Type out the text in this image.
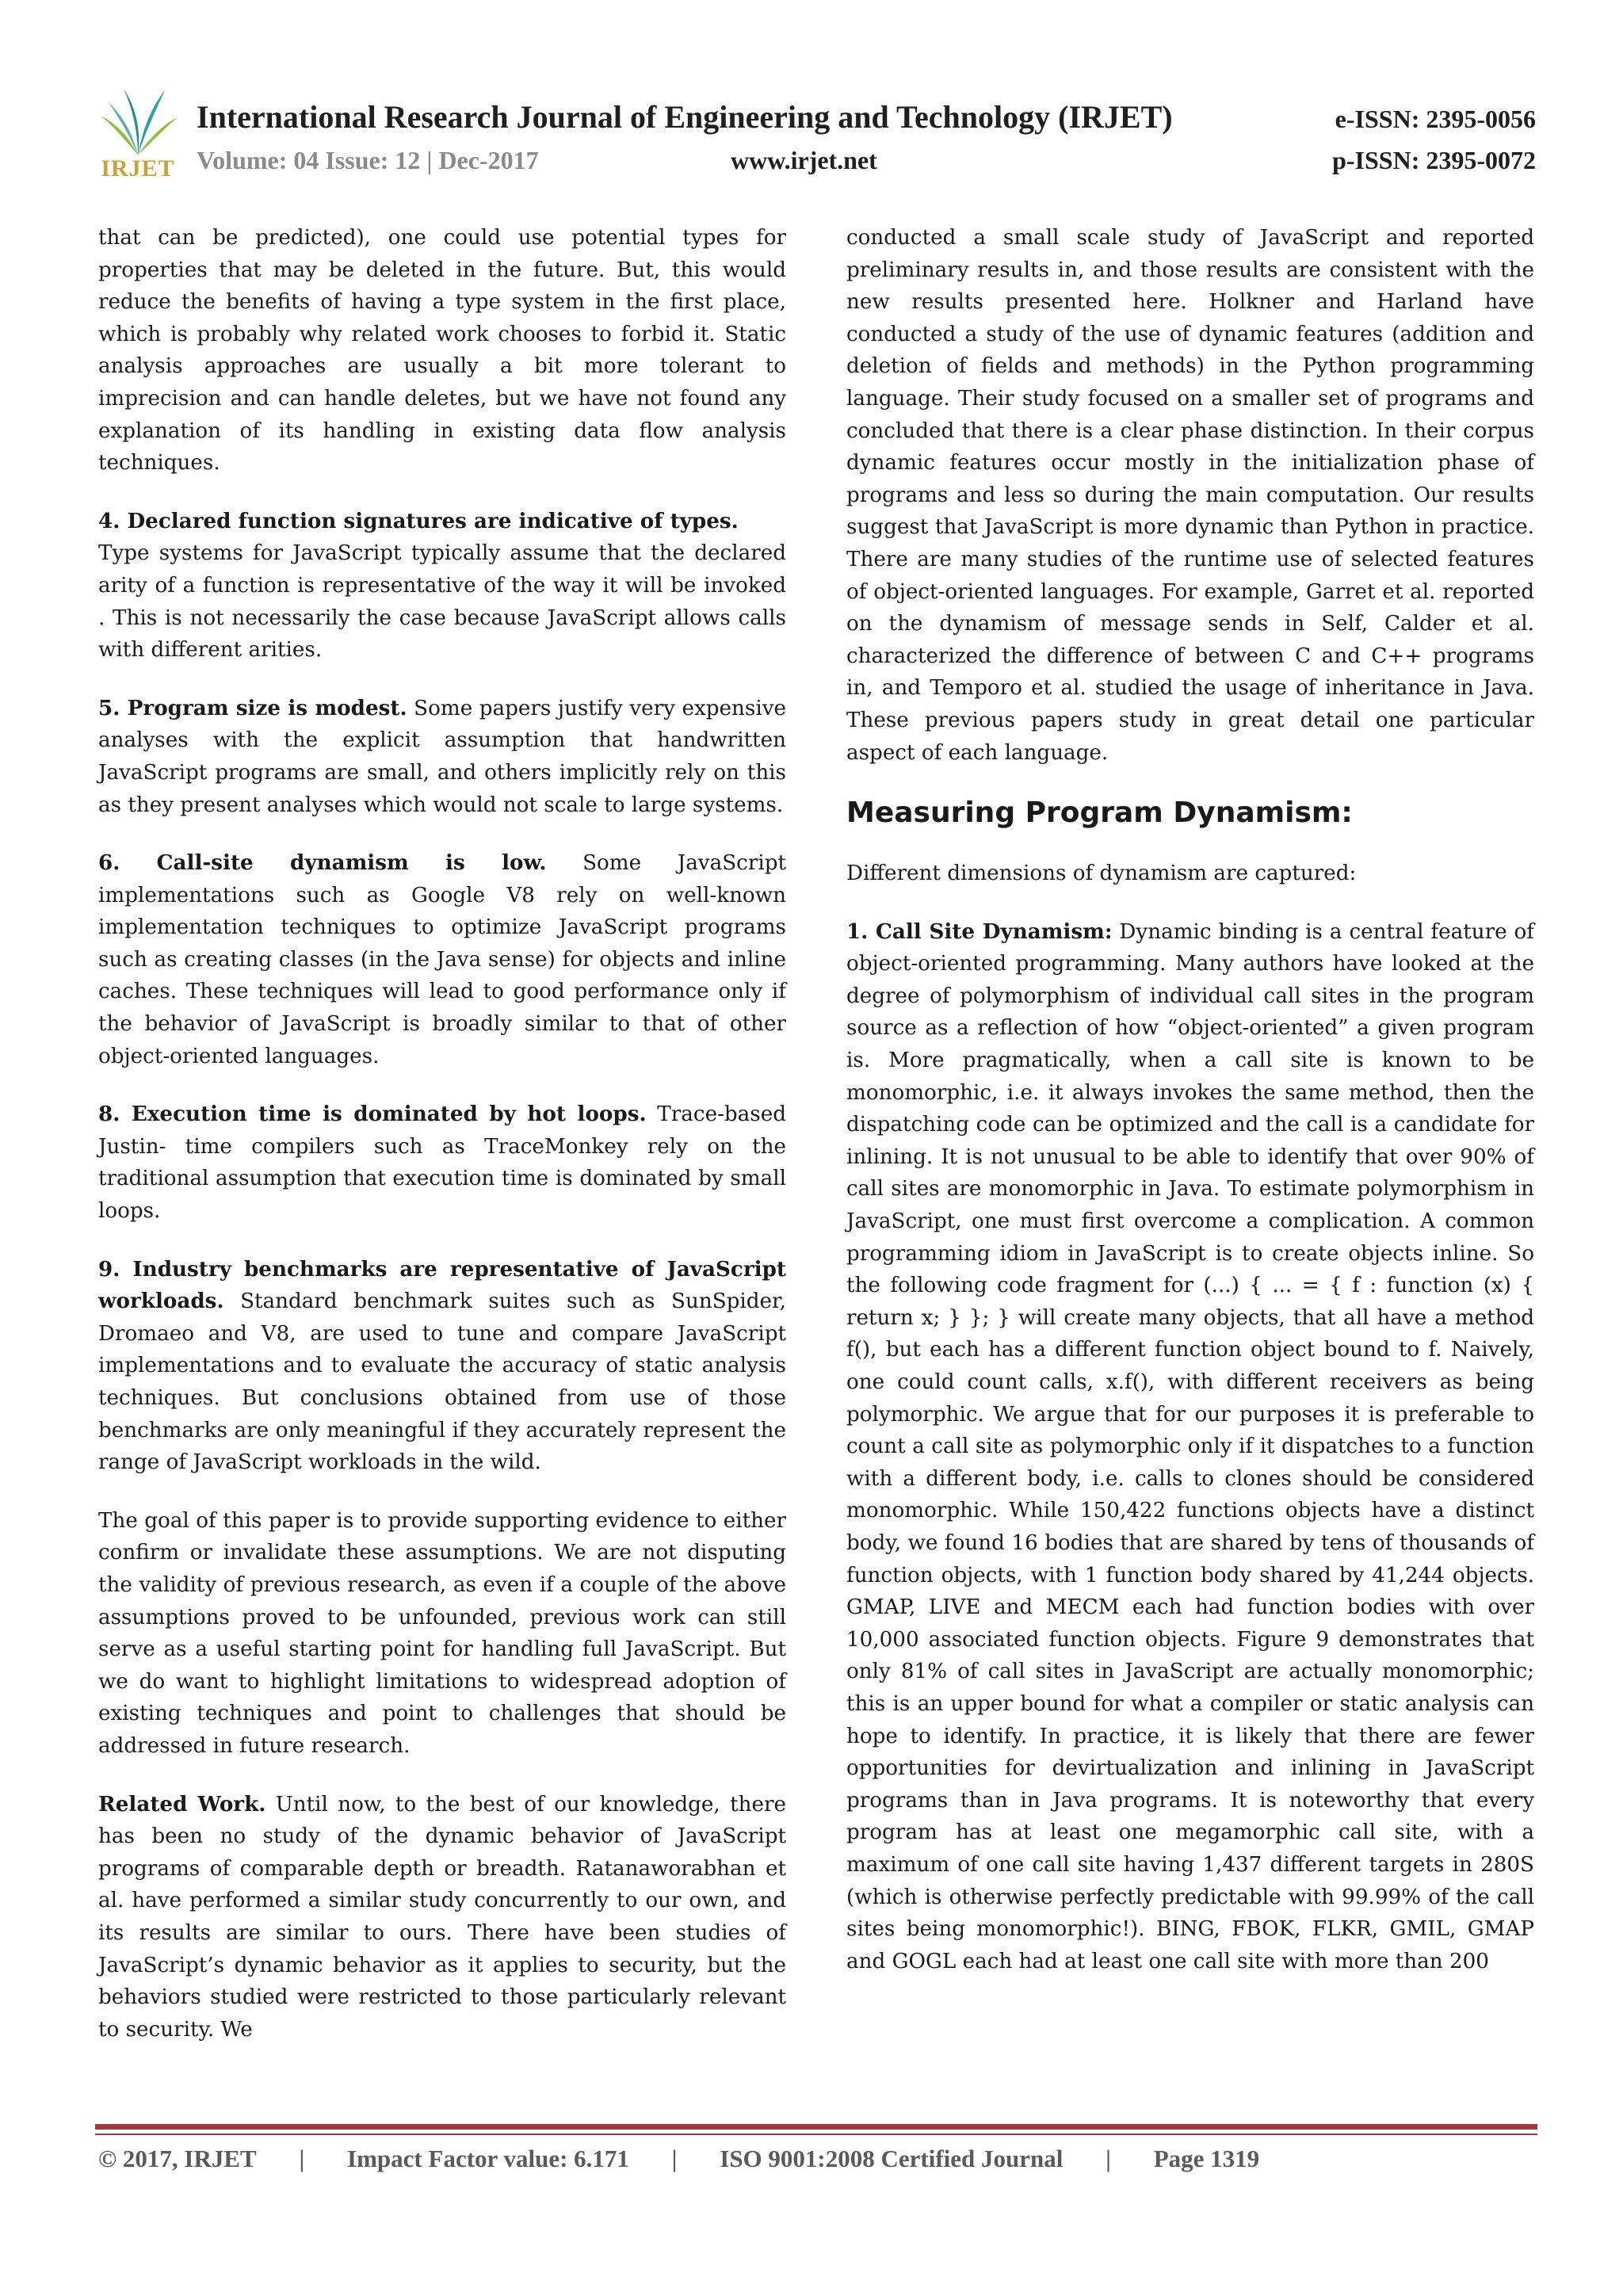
IRJET
International Research Journal of Engineering and Technology (IRJET)	e-ISSN: 2395-0056
Volume: 04 Issue: 12 | Dec-2017	www.irjet.net	p-ISSN: 2395-0072

that can be predicted), one could use potential types for properties that may be deleted in the future. But, this would reduce the benefits of having a type system in the first place, which is probably why related work chooses to forbid it. Static analysis approaches are usually a bit more tolerant to imprecision and can handle deletes, but we have not found any explanation of its handling in existing data flow analysis techniques.

4. Declared function signatures are indicative of types.
Type systems for JavaScript typically assume that the declared arity of a function is representative of the way it will be invoked . This is not necessarily the case because JavaScript allows calls with different arities.

5. Program size is modest. Some papers justify very expensive analyses with the explicit assumption that handwritten JavaScript programs are small, and others implicitly rely on this as they present analyses which would not scale to large systems.

6. Call-site dynamism is low. Some JavaScript implementations such as Google V8 rely on well-known implementation techniques to optimize JavaScript programs such as creating classes (in the Java sense) for objects and inline caches. These techniques will lead to good performance only if the behavior of JavaScript is broadly similar to that of other object-oriented languages.

8. Execution time is dominated by hot loops. Trace-based Justin- time compilers such as TraceMonkey rely on the traditional assumption that execution time is dominated by small loops.

9. Industry benchmarks are representative of JavaScript workloads. Standard benchmark suites such as SunSpider, Dromaeo and V8, are used to tune and compare JavaScript implementations and to evaluate the accuracy of static analysis techniques. But conclusions obtained from use of those benchmarks are only meaningful if they accurately represent the range of JavaScript workloads in the wild.

The goal of this paper is to provide supporting evidence to either confirm or invalidate these assumptions. We are not disputing the validity of previous research, as even if a couple of the above assumptions proved to be unfounded, previous work can still serve as a useful starting point for handling full JavaScript. But we do want to highlight limitations to widespread adoption of existing techniques and point to challenges that should be addressed in future research.

Related Work. Until now, to the best of our knowledge, there has been no study of the dynamic behavior of JavaScript programs of comparable depth or breadth. Ratanaworabhan et al. have performed a similar study concurrently to our own, and its results are similar to ours. There have been studies of JavaScript’s dynamic behavior as it applies to security, but the behaviors studied were restricted to those particularly relevant to security. We

conducted a small scale study of JavaScript and reported preliminary results in, and those results are consistent with the new results presented here. Holkner and Harland have conducted a study of the use of dynamic features (addition and deletion of fields and methods) in the Python programming language. Their study focused on a smaller set of programs and concluded that there is a clear phase distinction. In their corpus dynamic features occur mostly in the initialization phase of programs and less so during the main computation. Our results suggest that JavaScript is more dynamic than Python in practice. There are many studies of the runtime use of selected features of object-oriented languages. For example, Garret et al. reported on the dynamism of message sends in Self, Calder et al. characterized the difference of between C and C++ programs in, and Temporo et al. studied the usage of inheritance in Java. These previous papers study in great detail one particular aspect of each language.

Measuring Program Dynamism:

Different dimensions of dynamism are captured:

1. Call Site Dynamism: Dynamic binding is a central feature of object-oriented programming. Many authors have looked at the degree of polymorphism of individual call sites in the program source as a reflection of how “object-oriented” a given program is. More pragmatically, when a call site is known to be monomorphic, i.e. it always invokes the same method, then the dispatching code can be optimized and the call is a candidate for inlining. It is not unusual to be able to identify that over 90% of call sites are monomorphic in Java. To estimate polymorphism in JavaScript, one must first overcome a complication. A common programming idiom in JavaScript is to create objects inline. So the following code fragment for (...) { ... = { f : function (x) { return x; } }; } will create many objects, that all have a method f(), but each has a different function object bound to f. Naively, one could count calls, x.f(), with different receivers as being polymorphic. We argue that for our purposes it is preferable to count a call site as polymorphic only if it dispatches to a function with a different body, i.e. calls to clones should be considered monomorphic. While 150,422 functions objects have a distinct body, we found 16 bodies that are shared by tens of thousands of function objects, with 1 function body shared by 41,244 objects. GMAP, LIVE and MECM each had function bodies with over 10,000 associated function objects. Figure 9 demonstrates that only 81% of call sites in JavaScript are actually monomorphic; this is an upper bound for what a compiler or static analysis can hope to identify. In practice, it is likely that there are fewer opportunities for devirtualization and inlining in JavaScript programs than in Java programs. It is noteworthy that every program has at least one megamorphic call site, with a maximum of one call site having 1,437 different targets in 280S (which is otherwise perfectly predictable with 99.99% of the call sites being monomorphic!). BING, FBOK, FLKR, GMIL, GMAP and GOGL each had at least one call site with more than 200

© 2017, IRJET | Impact Factor value: 6.171 | ISO 9001:2008 Certified Journal | Page 1319
